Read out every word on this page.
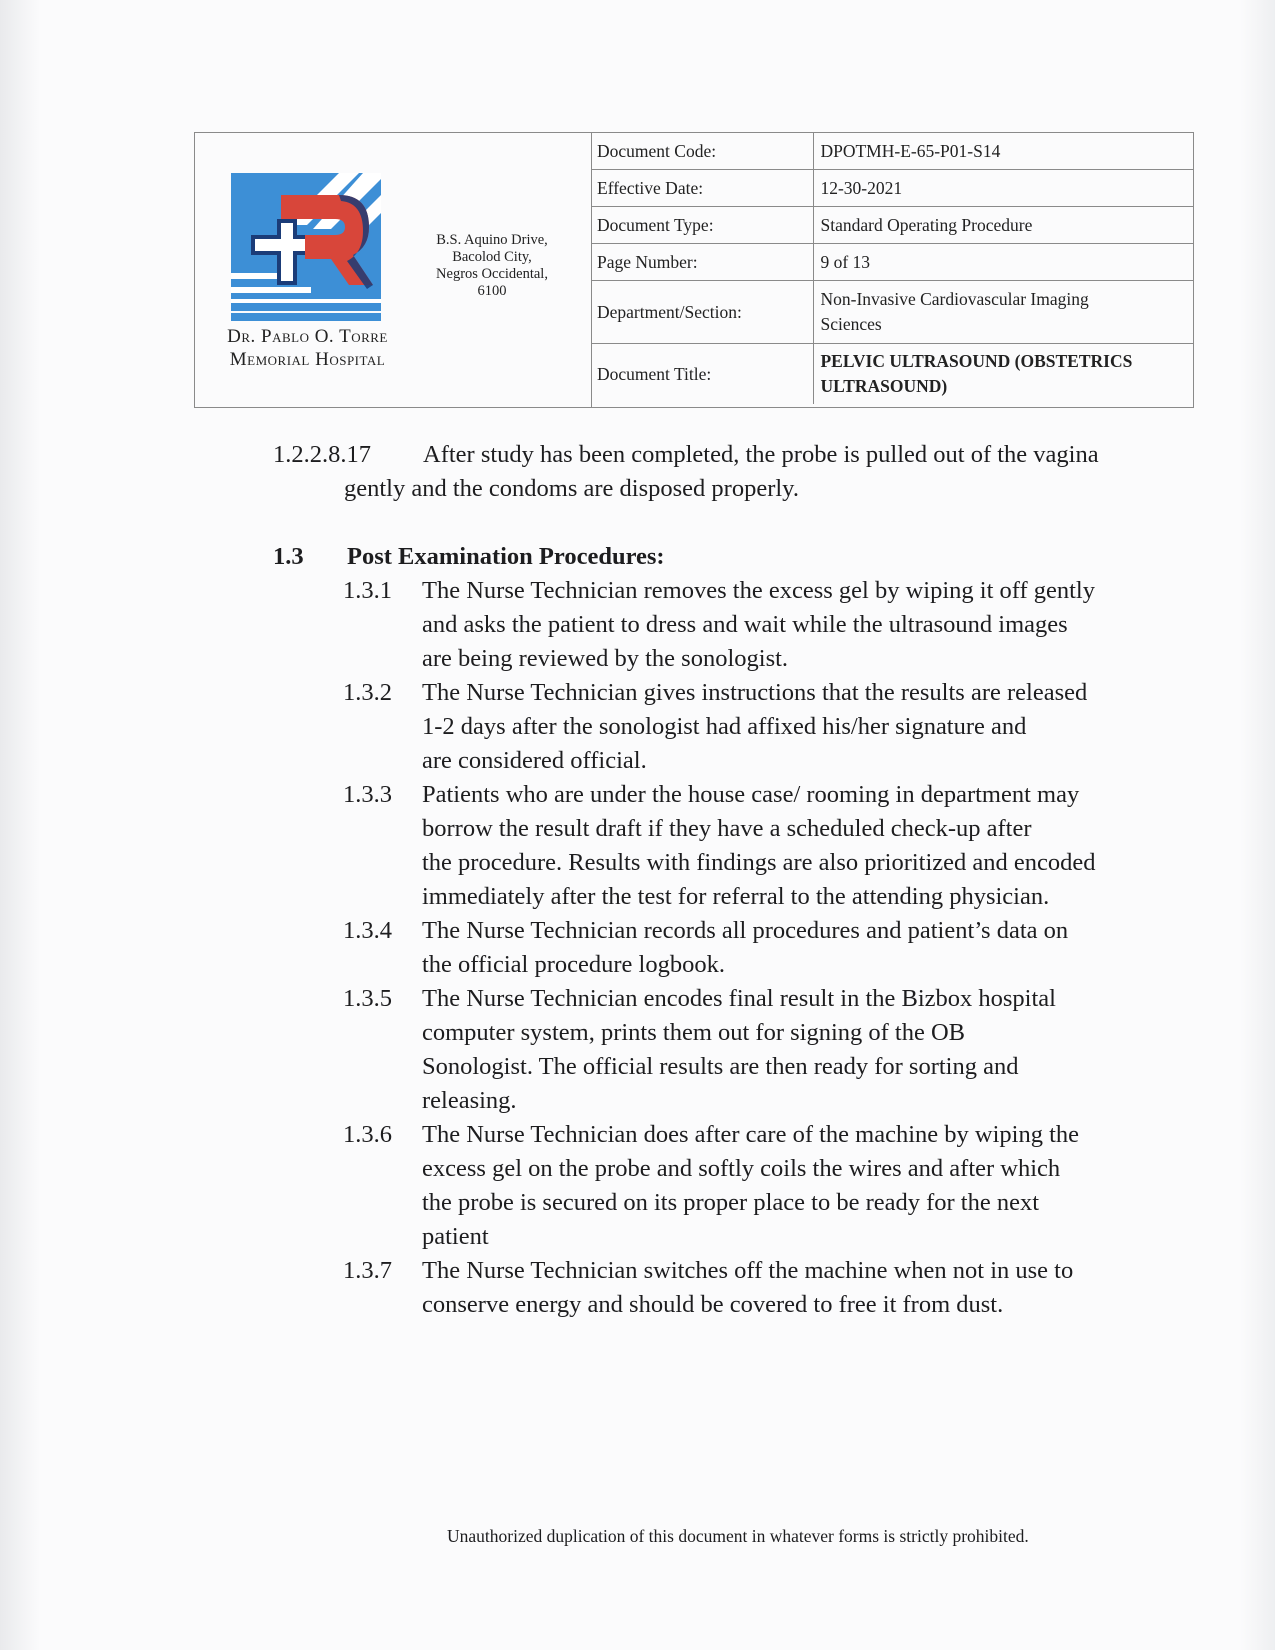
Dr. Pablo O. Torre
Memorial Hospital
B.S. Aquino Drive,
Bacolod City,
Negros Occidental,
6100
Document Code:	DPOTMH-E-65-P01-S14
Effective Date:	12-30-2021
Document Type:	Standard Operating Procedure
Page Number:	9 of 13
Department/Section:	Non-Invasive Cardiovascular Imaging
Sciences

Document Title:	PELVIC ULTRASOUND (OBSTETRICS
ULTRASOUND)
1.2.2.8.17 After study has been completed, the probe is pulled out of the vagina
gently and the condoms are disposed properly.
1.3 Post Examination Procedures:
1.3.1	The Nurse Technician removes the excess gel by wiping it off gently
and asks the patient to dress and wait while the ultrasound images
are being reviewed by the sonologist.
1.3.2	The Nurse Technician gives instructions that the results are released
1-2 days after the sonologist had affixed his/her signature and
are considered official.
1.3.3	Patients who are under the house case/ rooming in department may
borrow the result draft if they have a scheduled check-up after
the procedure. Results with findings are also prioritized and encoded
immediately after the test for referral to the attending physician.
1.3.4	The Nurse Technician records all procedures and patient’s data on
the official procedure logbook.
1.3.5	The Nurse Technician encodes final result in the Bizbox hospital
computer system, prints them out for signing of the OB
Sonologist. The official results are then ready for sorting and
releasing.
1.3.6	The Nurse Technician does after care of the machine by wiping the
excess gel on the probe and softly coils the wires and after which
the probe is secured on its proper place to be ready for the next
patient
1.3.7	The Nurse Technician switches off the machine when not in use to
conserve energy and should be covered to free it from dust.
Unauthorized duplication of this document in whatever forms is strictly prohibited.
